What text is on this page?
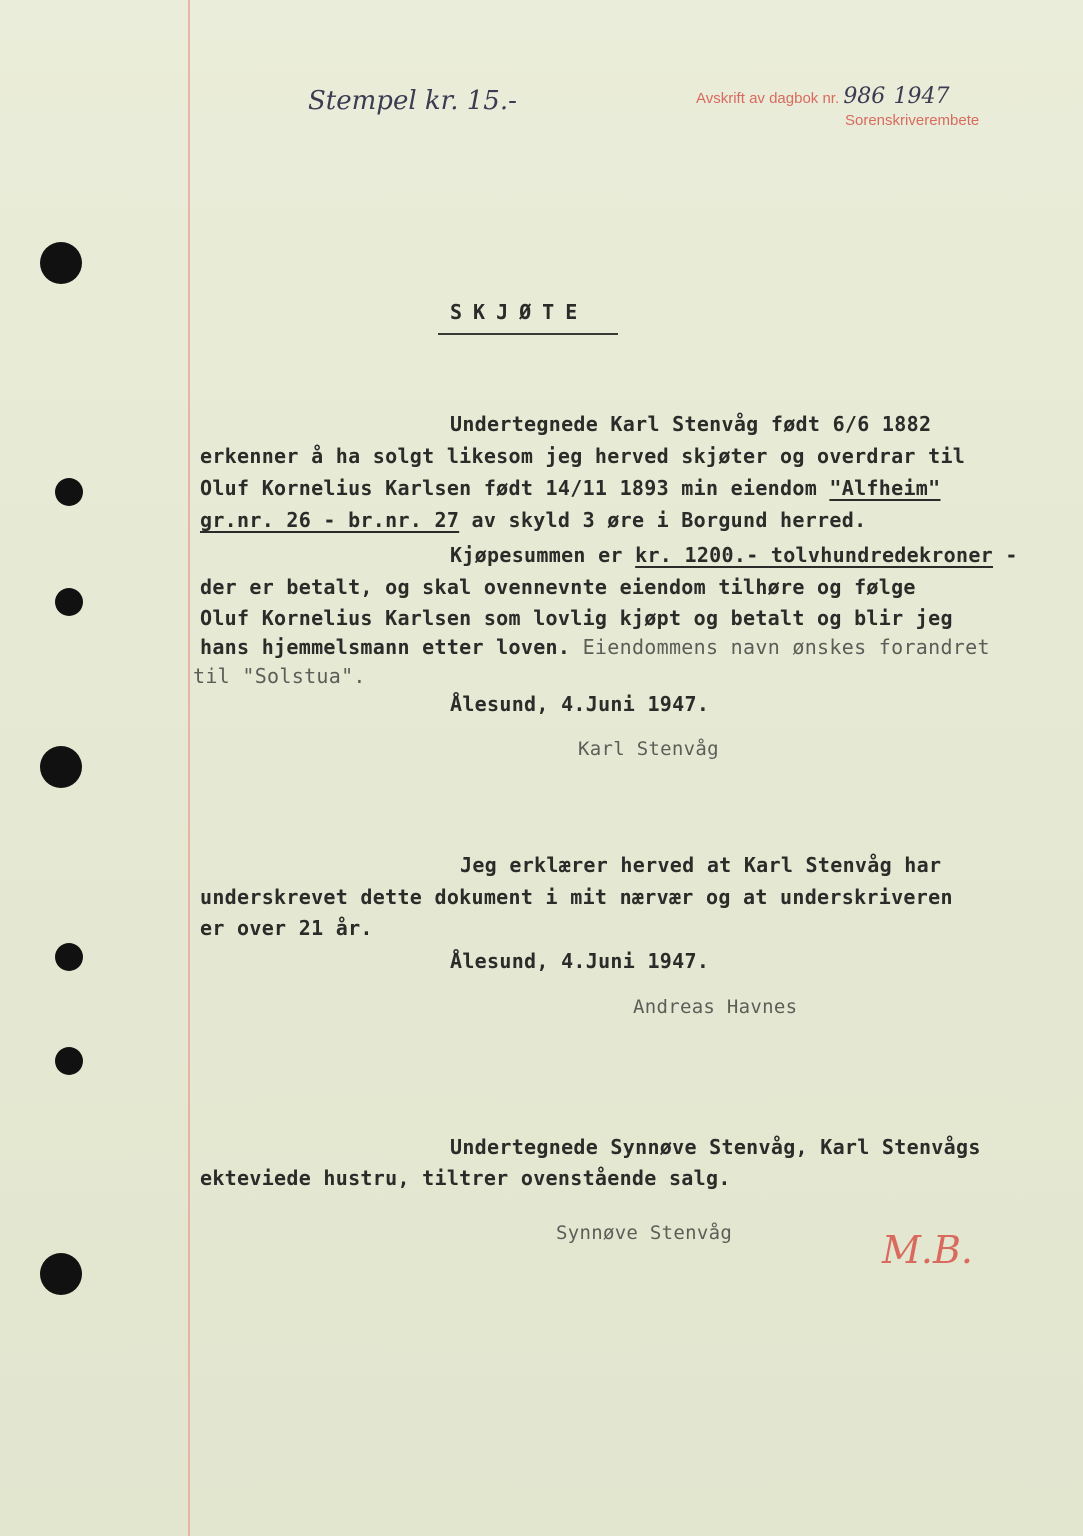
Stempel kr. 15.-	Avskrift av dagbok nr. 986 1947
Sorenskriverembete
SKJØTE
Undertegnede Karl Stenvåg født 6/6 1882
erkenner å ha solgt likesom jeg herved skjøter og overdrar til
Oluf Kornelius Karlsen født 14/11 1893 min eiendom "Alfheim"
gr.nr. 26 - br.nr. 27 av skyld 3 øre i Borgund herred.
Kjøpesummen er kr. 1200.- tolvhundredekroner -
der er betalt, og skal ovennevnte eiendom tilhøre og følge
Oluf Kornelius Karlsen som lovlig kjøpt og betalt og blir jeg
hans hjemmelsmann etter loven. Eiendommens navn ønskes forandret
til "Solstua".
Ålesund, 4.Juni 1947.
Karl Stenvåg
Jeg erklærer herved at Karl Stenvåg har
underskrevet dette dokument i mit nærvær og at underskriveren
er over 21 år.
Ålesund, 4.Juni 1947.
Andreas Havnes
Undertegnede Synnøve Stenvåg, Karl Stenvågs
ekteviede hustru, tiltrer ovenstående salg.
Synnøve Stenvåg	M.B.
